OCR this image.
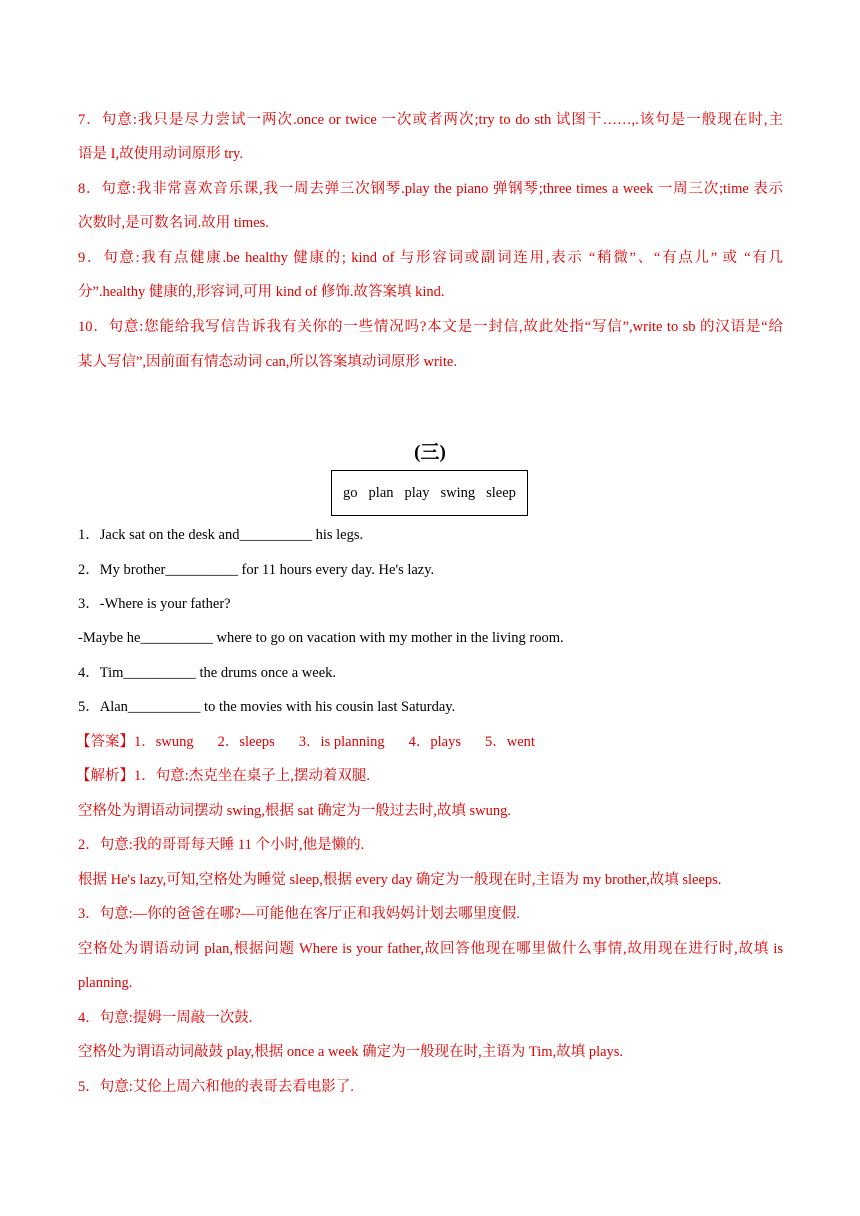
7．句意:我只是尽力尝试一两次.once or twice 一次或者两次;try to do sth 试图干……,.该句是一般现在时,主
语是 I,故使用动词原形 try.
8．句意:我非常喜欢音乐课,我一周去弹三次钢琴.play the piano 弹钢琴;three times a week 一周三次;time 表示
次数时,是可数名词.故用 times.
9．句意:我有点健康.be healthy 健康的; kind of 与形容词或副词连用,表示 “稍微”、“有点儿” 或 “有几
分”.healthy 健康的,形容词,可用 kind of 修饰.故答案填 kind.
10．句意:您能给我写信告诉我有关你的一些情况吗?本文是一封信,故此处指“写信”,write to sb 的汉语是“给
某人写信”,因前面有情态动词 can,所以答案填动词原形 write.
(三)
go plan play swing sleep
1．Jack sat on the desk and__________ his legs.
2．My brother__________ for 11 hours every day. He's lazy.
3．-Where is your father?
-Maybe he__________ where to go on vacation with my mother in the living room.
4．Tim__________ the drums once a week.
5．Alan__________ to the movies with his cousin last Saturday.
【答案】1．swung 2．sleeps 3．is planning 4．plays 5．went
【解析】1．句意:杰克坐在桌子上,摆动着双腿.
空格处为谓语动词摆动 swing,根据 sat 确定为一般过去时,故填 swung.
2．句意:我的哥哥每天睡 11 个小时,他是懒的.
根据 He's lazy,可知,空格处为睡觉 sleep,根据 every day 确定为一般现在时,主语为 my brother,故填 sleeps.
3．句意:—你的爸爸在哪?—可能他在客厅正和我妈妈计划去哪里度假.
空格处为谓语动词 plan,根据问题 Where is your father,故回答他现在哪里做什么事情,故用现在进行时,故填 is
planning.
4．句意:提姆一周敲一次鼓.
空格处为谓语动词敲鼓 play,根据 once a week 确定为一般现在时,主语为 Tim,故填 plays.
5．句意:艾伦上周六和他的表哥去看电影了.
